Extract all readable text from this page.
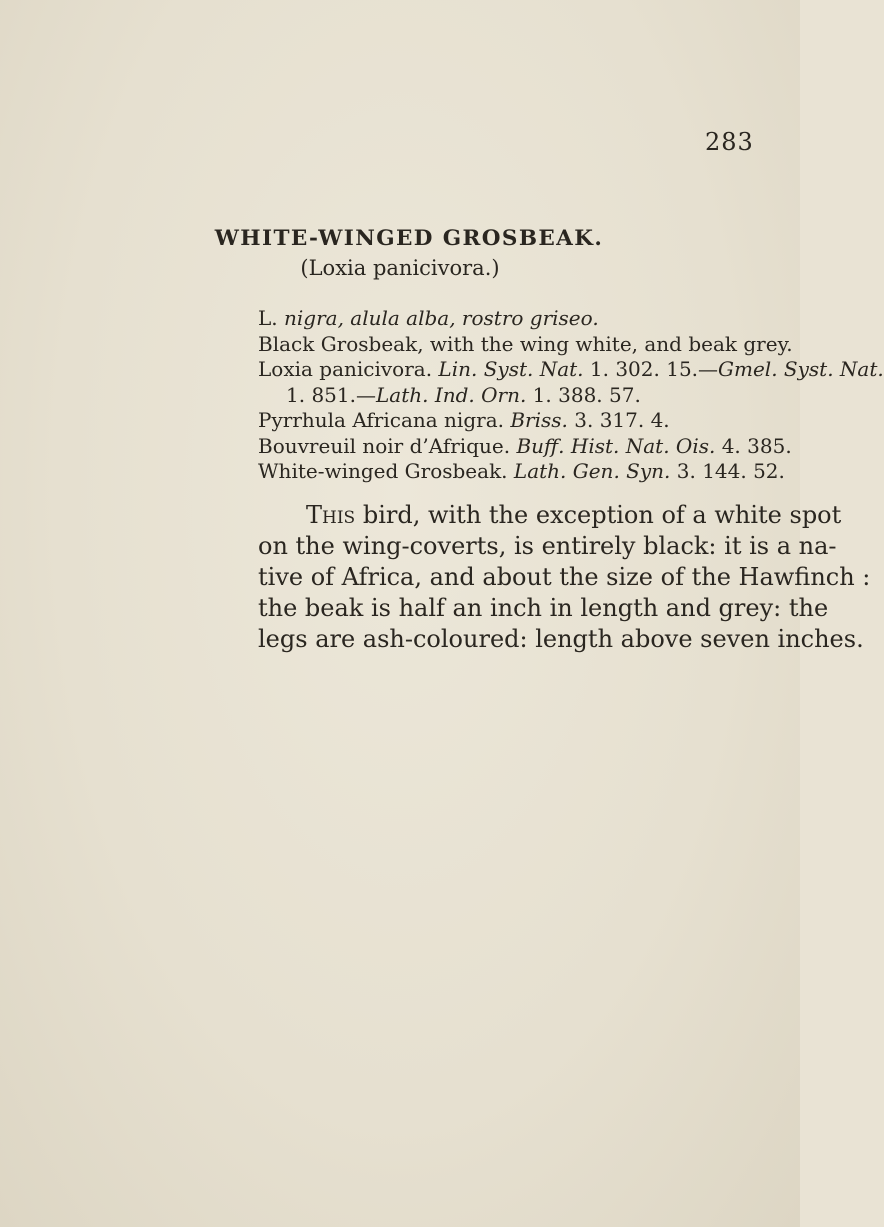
283
WHITE-WINGED GROSBEAK.
(Loxia panicivora.)
L. nigra, alula alba, rostro griseo.
Black Grosbeak, with the wing white, and beak grey.
Loxia panicivora. Lin. Syst. Nat. 1. 302. 15.—Gmel. Syst. Nat.
1. 851.—Lath. Ind. Orn. 1. 388. 57.
Pyrrhula Africana nigra. Briss. 3. 317. 4.
Bouvreuil noir d’Afrique. Buff. Hist. Nat. Ois. 4. 385.
White-winged Grosbeak. Lath. Gen. Syn. 3. 144. 52.
This bird, with the exception of a white spot
on the wing-coverts, is entirely black: it is a na-
tive of Africa, and about the size of the Hawfinch :
the beak is half an inch in length and grey: the
legs are ash-coloured: length above seven inches.
